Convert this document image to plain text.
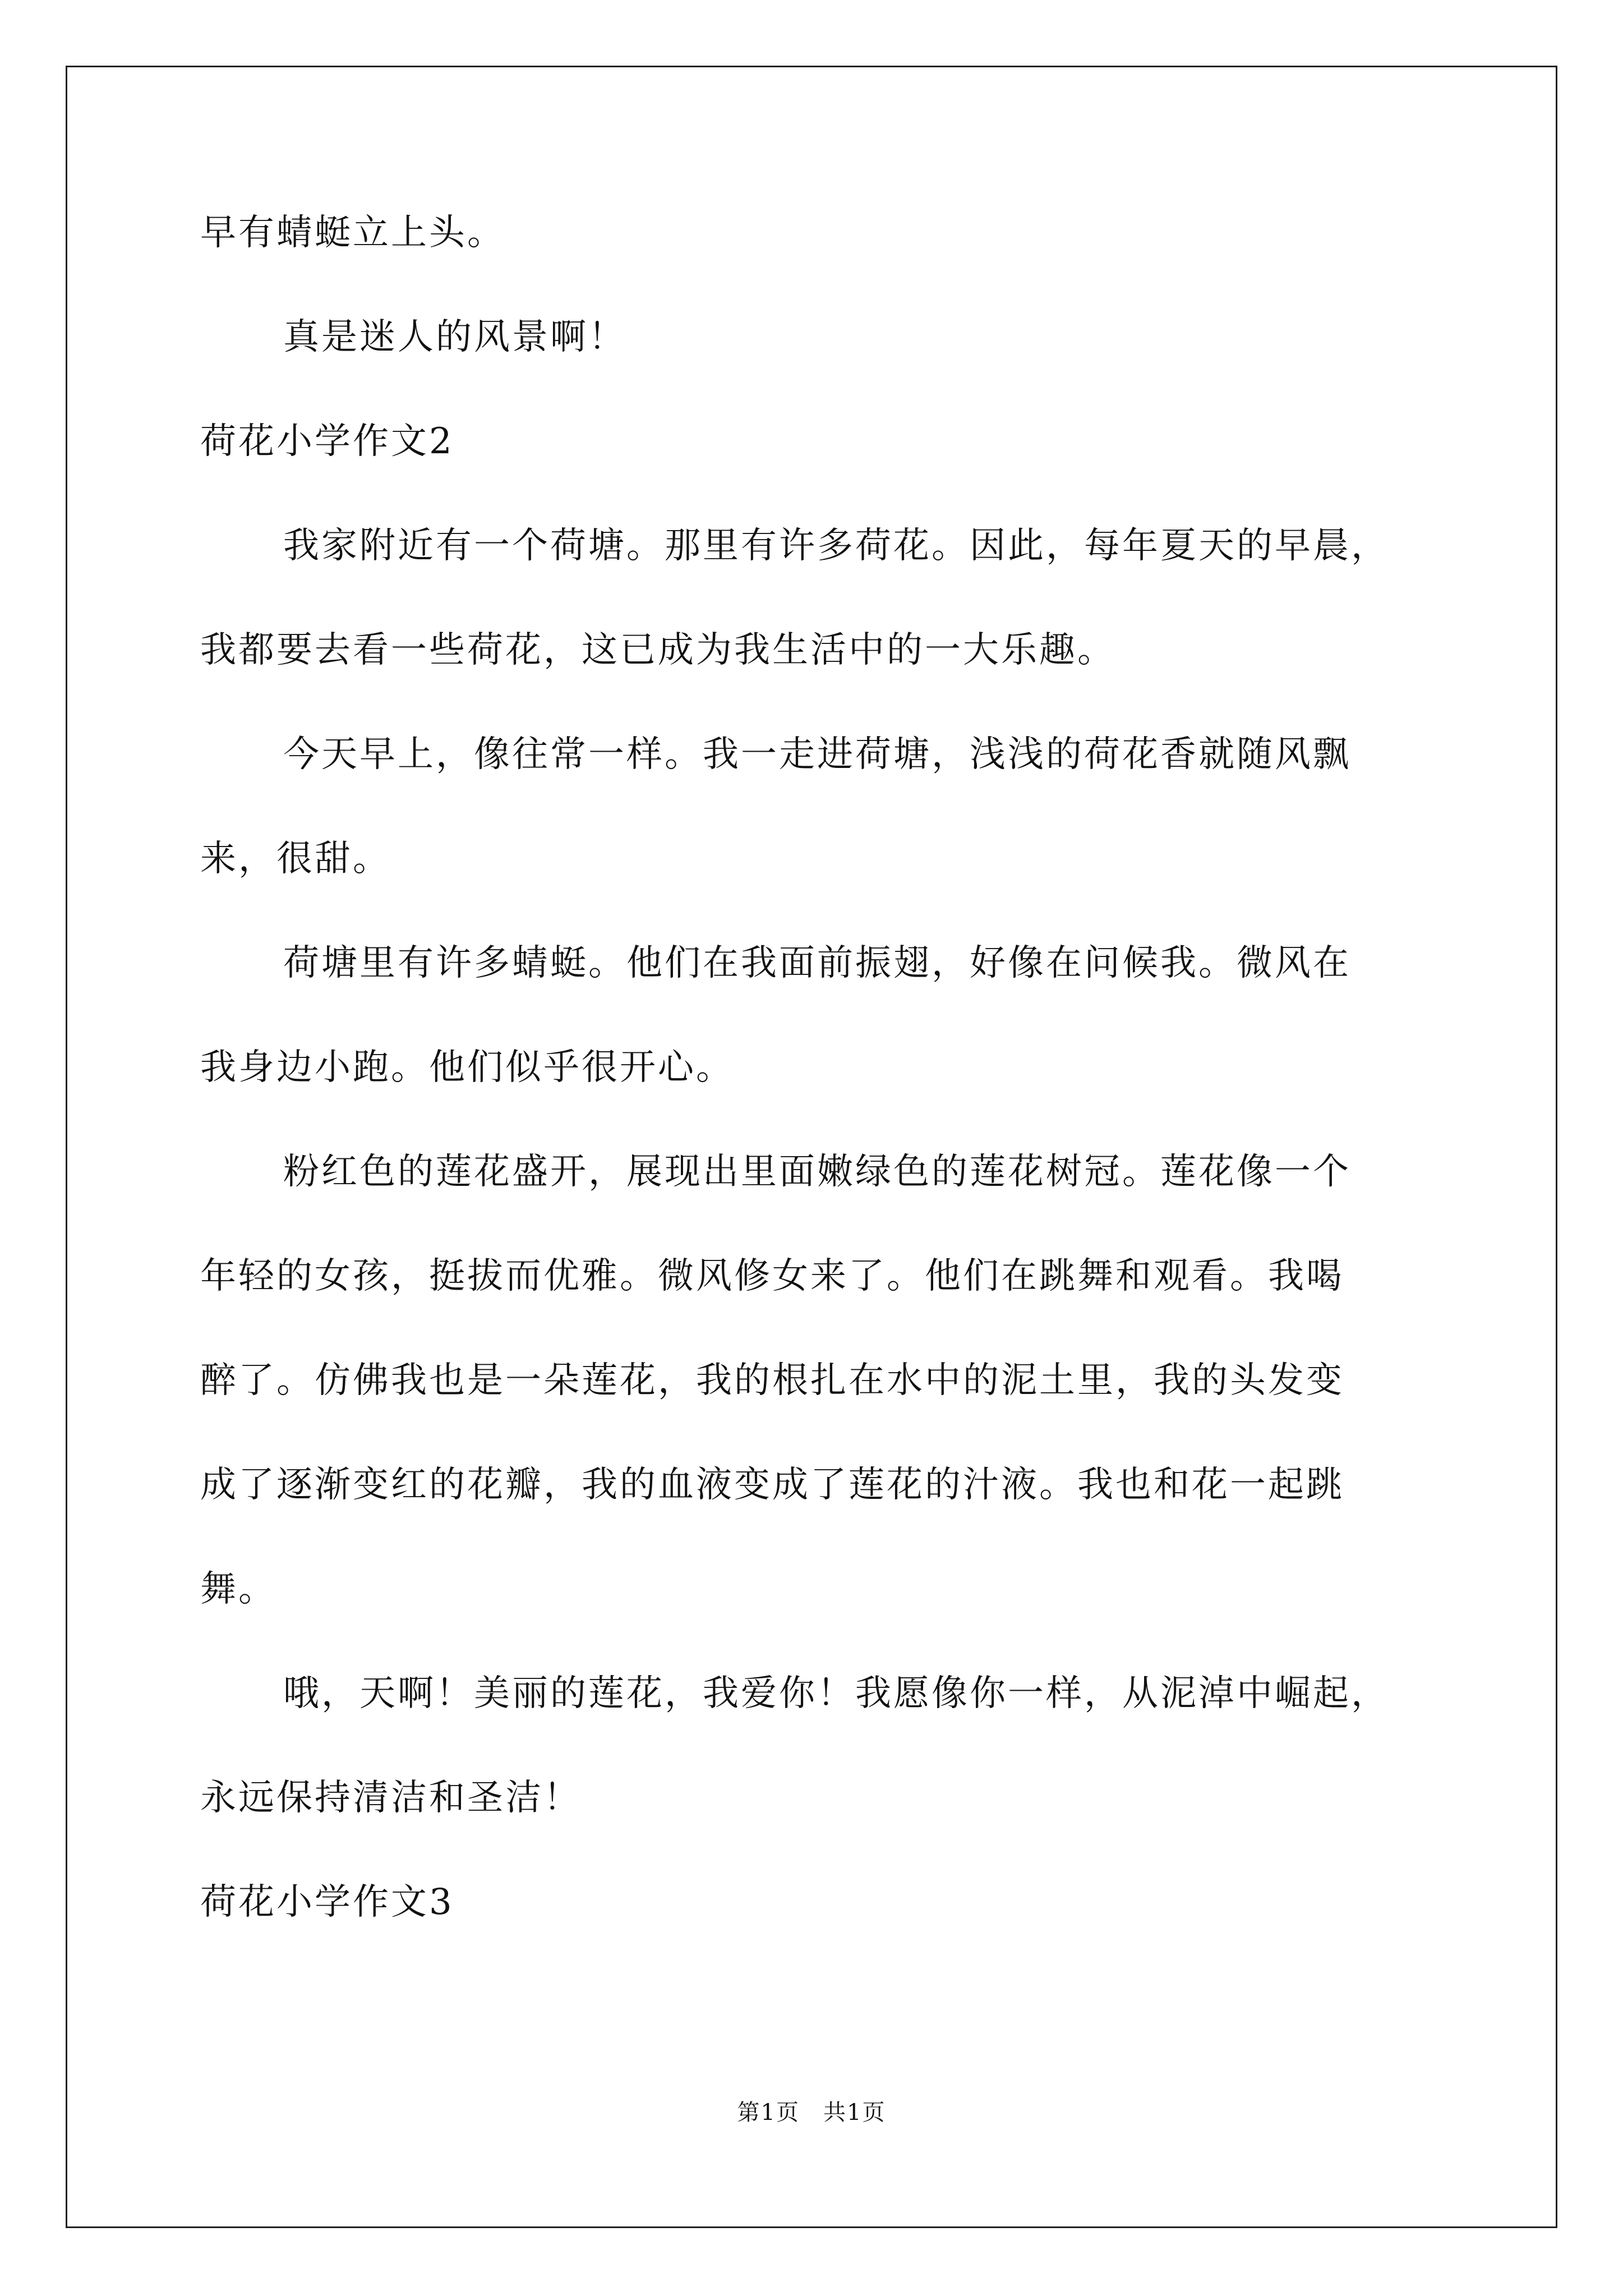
早有蜻蜓立上头。
真是迷人的风景啊！
荷花小学作文2
我家附近有一个荷塘。那里有许多荷花。因此，每年夏天的早晨，
我都要去看一些荷花，这已成为我生活中的一大乐趣。
今天早上，像往常一样。我一走进荷塘，浅浅的荷花香就随风飘
来，很甜。
荷塘里有许多蜻蜓。他们在我面前振翅，好像在问候我。微风在
我身边小跑。他们似乎很开心。
粉红色的莲花盛开，展现出里面嫩绿色的莲花树冠。莲花像一个
年轻的女孩，挺拔而优雅。微风修女来了。他们在跳舞和观看。我喝
醉了。仿佛我也是一朵莲花，我的根扎在水中的泥土里，我的头发变
成了逐渐变红的花瓣，我的血液变成了莲花的汁液。我也和花一起跳
舞。
哦，天啊！美丽的莲花，我爱你！我愿像你一样，从泥淖中崛起，
永远保持清洁和圣洁！
荷花小学作文3
第1页　共1页
